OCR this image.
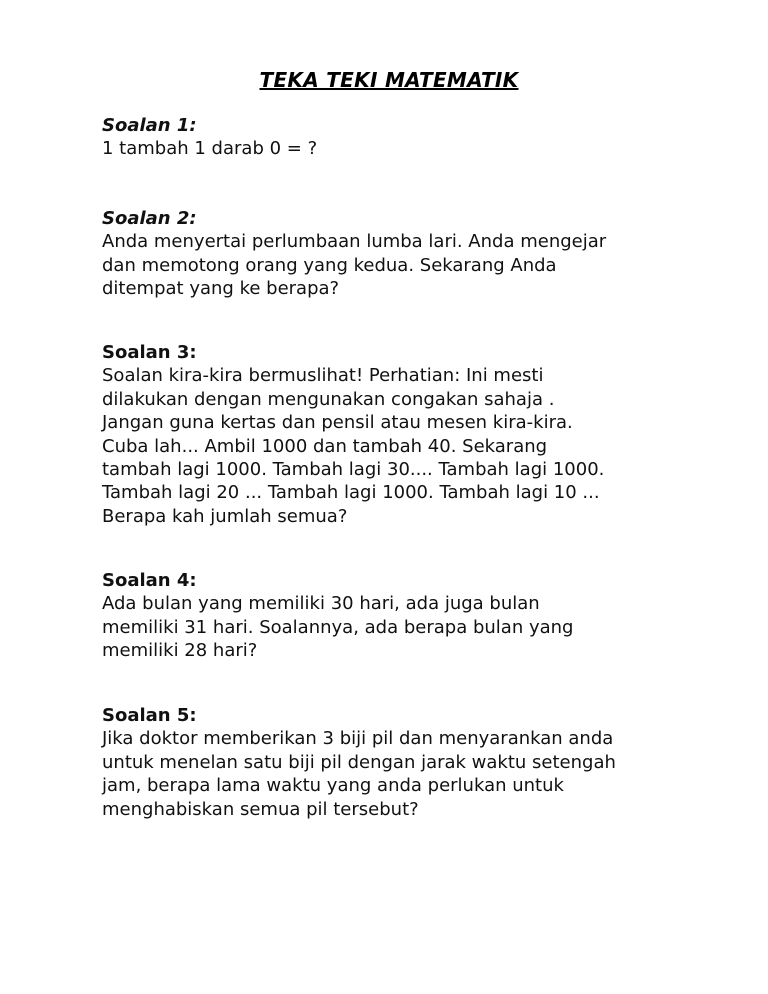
TEKA TEKI MATEMATIK
Soalan 1:
1 tambah 1 darab 0 = ?
Soalan 2:
Anda menyertai perlumbaan lumba lari. Anda mengejar
dan memotong orang yang kedua. Sekarang Anda
ditempat yang ke berapa?
Soalan 3:
Soalan kira-kira bermuslihat! Perhatian: Ini mesti
dilakukan dengan mengunakan congakan sahaja .
Jangan guna kertas dan pensil atau mesen kira-kira.
Cuba lah... Ambil 1000 dan tambah 40. Sekarang
tambah lagi 1000. Tambah lagi 30.... Tambah lagi 1000.
Tambah lagi 20 ... Tambah lagi 1000. Tambah lagi 10 ...
Berapa kah jumlah semua?
Soalan 4:
Ada bulan yang memiliki 30 hari, ada juga bulan
memiliki 31 hari. Soalannya, ada berapa bulan yang
memiliki 28 hari?
Soalan 5:
Jika doktor memberikan 3 biji pil dan menyarankan anda
untuk menelan satu biji pil dengan jarak waktu setengah
jam, berapa lama waktu yang anda perlukan untuk
menghabiskan semua pil tersebut?
